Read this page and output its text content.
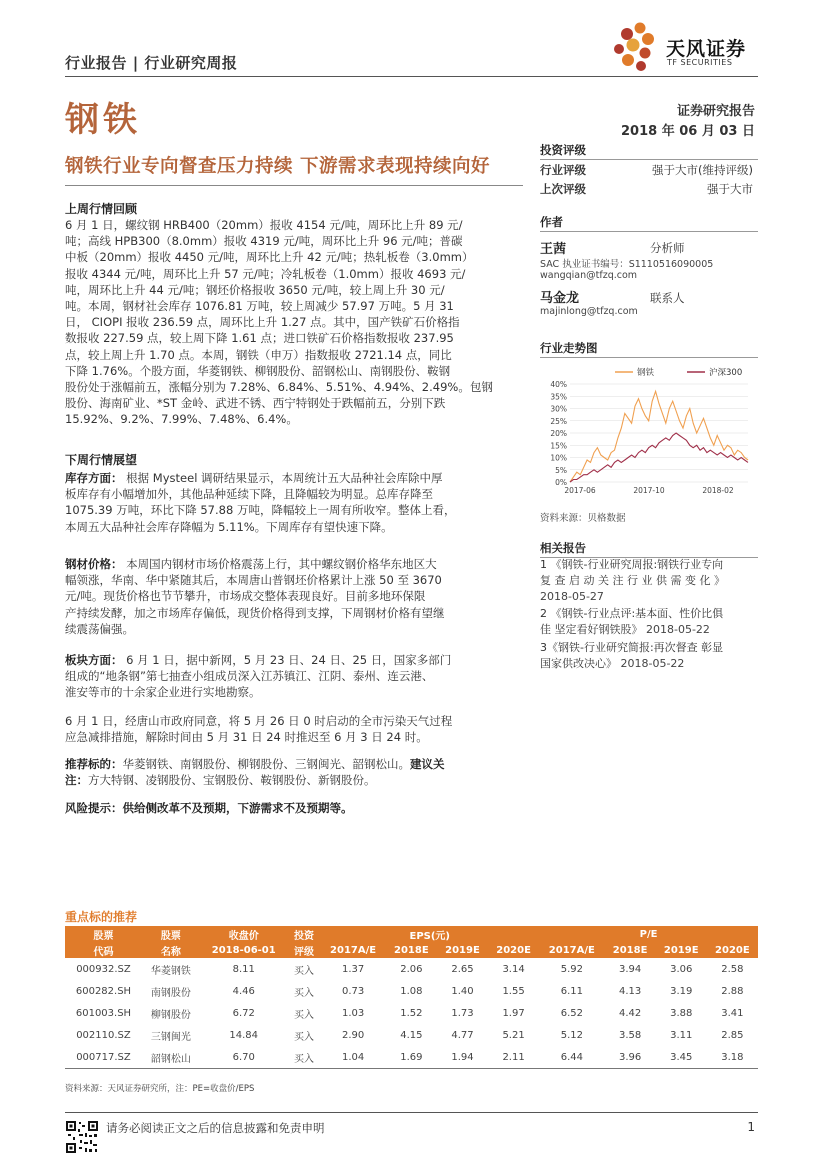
行业报告 | 行业研究周报
天风证券
TF SECURITIES
钢铁	证券研究报告
2018 年 06 月 03 日
钢铁行业专向督查压力持续 下游需求表现持续向好
上周行情回顾
6 月 1 日，螺纹钢 HRB400（20mm）报收 4154 元/吨，周环比上升 89 元/
吨；高线 HPB300（8.0mm）报收 4319 元/吨，周环比上升 96 元/吨；普碳
中板（20mm）报收 4450 元/吨，周环比上升 42 元/吨；热轧板卷（3.0mm）
报收 4344 元/吨，周环比上升 57 元/吨；冷轧板卷（1.0mm）报收 4693 元/
吨，周环比上升 44 元/吨；钢坯价格报收 3650 元/吨，较上周上升 30 元/
吨。本周，钢材社会库存 1076.81 万吨，较上周减少 57.97 万吨。5 月 31
日， CIOPI 报收 236.59 点，周环比上升 1.27 点。其中，国产铁矿石价格指
数报收 227.59 点，较上周下降 1.61 点；进口铁矿石价格指数报收 237.95
点，较上周上升 1.70 点。本周，钢铁（申万）指数报收 2721.14 点，同比
下降 1.76%。个股方面，华菱钢铁、柳钢股份、韶钢松山、南钢股份、鞍钢
股份处于涨幅前五，涨幅分别为 7.28%、6.84%、5.51%、4.94%、2.49%。包钢
股份、海南矿业、*ST 金岭、武进不锈、西宁特钢处于跌幅前五，分别下跌
15.92%、9.2%、7.99%、7.48%、6.4%。
下周行情展望
库存方面： 根据 Mysteel 调研结果显示，本周统计五大品种社会库除中厚
板库存有小幅增加外，其他品种延续下降，且降幅较为明显。总库存降至
1075.39 万吨，环比下降 57.88 万吨，降幅较上一周有所收窄。整体上看，
本周五大品种社会库存降幅为 5.11%。下周库存有望快速下降。
钢材价格： 本周国内钢材市场价格震荡上行，其中螺纹钢价格华东地区大
幅领涨，华南、华中紧随其后，本周唐山普钢坯价格累计上涨 50 至 3670
元/吨。现货价格也节节攀升，市场成交整体表现良好。目前多地环保限
产持续发酵，加之市场库存偏低，现货价格得到支撑，下周钢材价格有望继
续震荡偏强。
板块方面： 6 月 1 日，据中新网，5 月 23 日、24 日、25 日，国家多部门
组成的“地条钢”第七抽查小组成员深入江苏镇江、江阴、泰州、连云港、
淮安等市的十余家企业进行实地勘察。
6 月 1 日，经唐山市政府同意，将 5 月 26 日 0 时启动的全市污染天气过程
应急减排措施，解除时间由 5 月 31 日 24 时推迟至 6 月 3 日 24 时。
推荐标的：华菱钢铁、南钢股份、柳钢股份、三钢闽光、韶钢松山。建议关
注：方大特钢、凌钢股份、宝钢股份、鞍钢股份、新钢股份。
风险提示：供给侧改革不及预期，下游需求不及预期等。
投资评级
行业评级	强于大市(维持评级)
上次评级	强于大市
作者
王茜	分析师
SAC 执业证书编号：S1110516090005
wangqian@tfzq.com
马金龙	联系人
majinlong@tfzq.com
行业走势图
0%
5%
10%
15%
20%
25%
30%
35%
40%
2017-06	2017-10	2018-02
钢铁	沪深300
资料来源：贝格数据
相关报告
1 《钢铁-行业研究周报:钢铁行业专向
复 查 启 动 关 注 行 业 供 需 变 化 》
2018-05-27
2 《钢铁-行业点评:基本面、性价比俱
佳 坚定看好钢铁股》 2018-05-22
3《钢铁-行业研究简报:再次督查 彰显
国家供改决心》 2018-05-22
重点标的推荐
股票	股票	收盘价	投资	EPS(元)				P/E			
代码	名称	2018-06-01	评级	2017A/E	2018E	2019E	2020E	2017A/E	2018E	2019E	2020E
000932.SZ	华菱钢铁	8.11	买入	1.37	2.06	2.65	3.14	5.92	3.94	3.06	2.58
600282.SH	南钢股份	4.46	买入	0.73	1.08	1.40	1.55	6.11	4.13	3.19	2.88
601003.SH	柳钢股份	6.72	买入	1.03	1.52	1.73	1.97	6.52	4.42	3.88	3.41
002110.SZ	三钢闽光	14.84	买入	2.90	4.15	4.77	5.21	5.12	3.58	3.11	2.85
000717.SZ	韶钢松山	6.70	买入	1.04	1.69	1.94	2.11	6.44	3.96	3.45	3.18
资料来源：天风证券研究所，注：PE=收盘价/EPS
请务必阅读正文之后的信息披露和免责申明	1
